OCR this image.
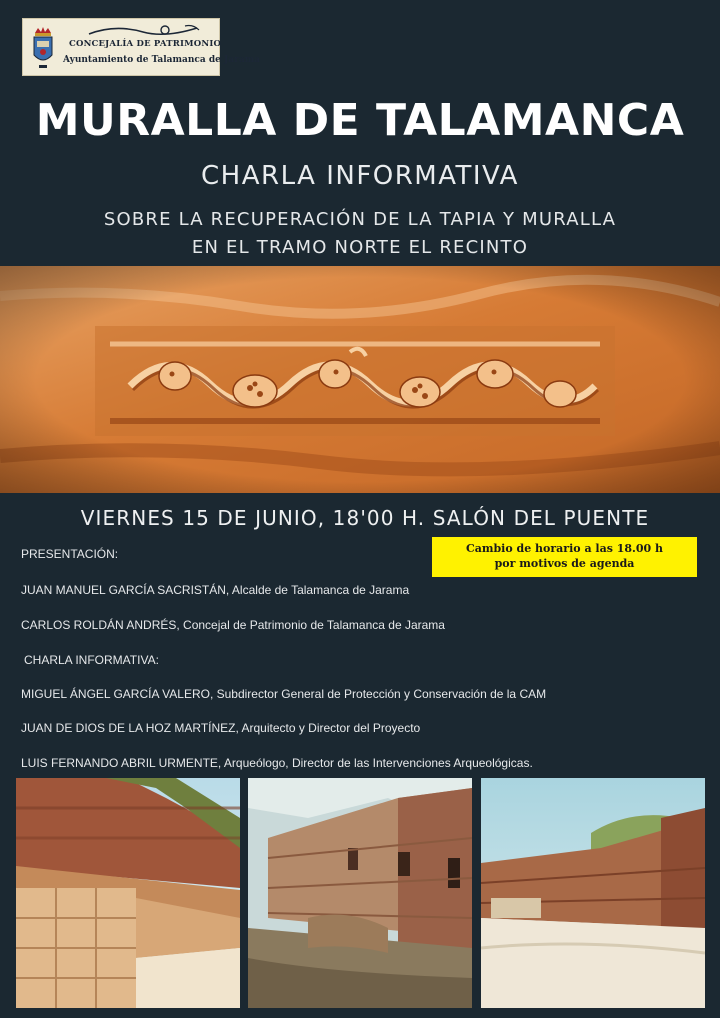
CONCEJALÍA DE PATRIMONIO
Ayuntamiento de Talamanca de Jarama
MURALLA DE TALAMANCA
CHARLA INFORMATIVA
SOBRE LA RECUPERACIÓN DE LA TAPIA Y MURALLA
EN EL TRAMO NORTE EL RECINTO
VIERNES 15 DE JUNIO, 18'00 H. SALÓN DEL PUENTE
Cambio de horario a las 18.00 h
por motivos de agenda
PRESENTACIÓN:
JUAN MANUEL GARCÍA SACRISTÁN, Alcalde de Talamanca de Jarama
CARLOS ROLDÁN ANDRÉS, Concejal de Patrimonio de Talamanca de Jarama
CHARLA INFORMATIVA:
MIGUEL ÁNGEL GARCÍA VALERO, Subdirector General de Protección y Conservación de la CAM
JUAN DE DIOS DE LA HOZ MARTÍNEZ, Arquitecto y Director del Proyecto
LUIS FERNANDO ABRIL URMENTE, Arqueólogo, Director de las Intervenciones Arqueológicas.
